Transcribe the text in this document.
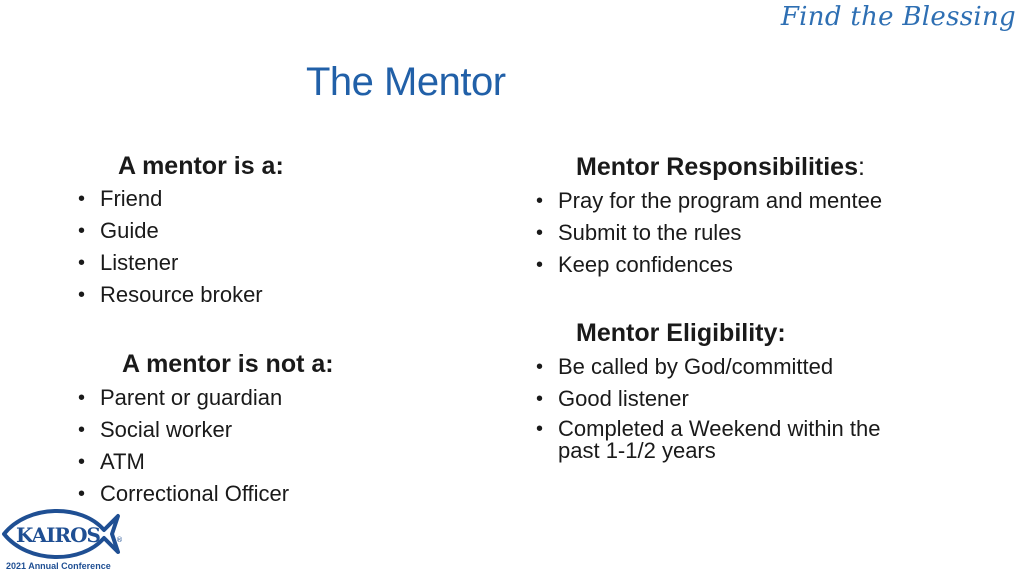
Find the Blessing
The Mentor
A mentor is a:
• Friend
• Guide
• Listener
• Resource broker
A mentor is not a:
• Parent or guardian
• Social worker
• ATM
• Correctional Officer
Mentor Responsibilities:
• Pray for the program and mentee
• Submit to the rules
• Keep confidences
Mentor Eligibility:
• Be called by God/committed
• Good listener
• Completed a Weekend within the past 1-1/2 years
KAIROS ®
2021 Annual Conference
